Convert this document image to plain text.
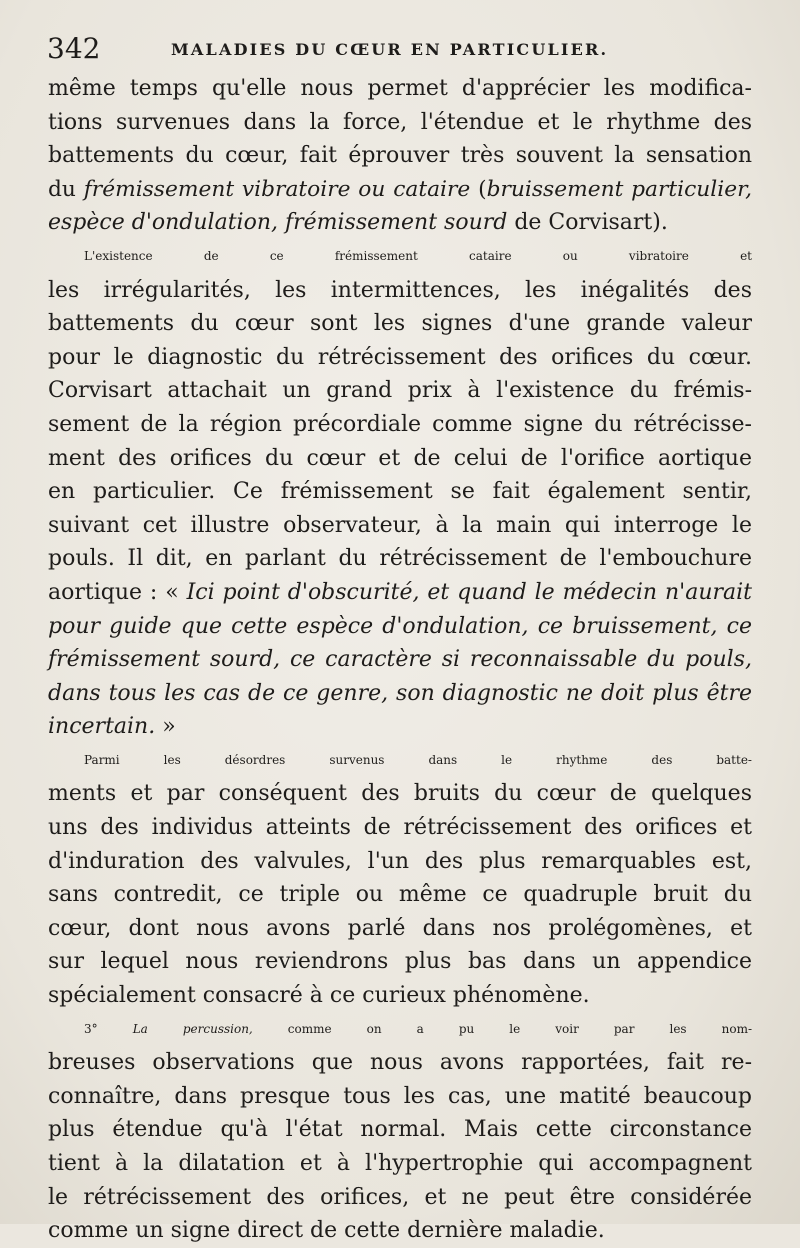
342	MALADIES DU CŒUR EN PARTICULIER.

même temps qu'elle nous permet d'apprécier les modifica-
tions survenues dans la force, l'étendue et le rhythme des
battements du cœur, fait éprouver très souvent la sensation
du frémissement vibratoire ou cataire (bruissement particulier,
espèce d'ondulation, frémissement sourd de Corvisart).

L'existence de ce frémissement cataire ou vibratoire et
les irrégularités, les intermittences, les inégalités des
battements du cœur sont les signes d'une grande valeur
pour le diagnostic du rétrécissement des orifices du cœur.
Corvisart attachait un grand prix à l'existence du frémis-
sement de la région précordiale comme signe du rétrécisse-
ment des orifices du cœur et de celui de l'orifice aortique
en particulier. Ce frémissement se fait également sentir,
suivant cet illustre observateur, à la main qui interroge le
pouls. Il dit, en parlant du rétrécissement de l'embouchure
aortique : « Ici point d'obscurité, et quand le médecin n'aurait
pour guide que cette espèce d'ondulation, ce bruissement, ce
frémissement sourd, ce caractère si reconnaissable du pouls,
dans tous les cas de ce genre, son diagnostic ne doit plus être
incertain. »

Parmi les désordres survenus dans le rhythme des batte-
ments et par conséquent des bruits du cœur de quelques
uns des individus atteints de rétrécissement des orifices et
d'induration des valvules, l'un des plus remarquables est,
sans contredit, ce triple ou même ce quadruple bruit du
cœur, dont nous avons parlé dans nos prolégomènes, et
sur lequel nous reviendrons plus bas dans un appendice
spécialement consacré à ce curieux phénomène.

3° La percussion, comme on a pu le voir par les nom-
breuses observations que nous avons rapportées, fait re-
connaître, dans presque tous les cas, une matité beaucoup
plus étendue qu'à l'état normal. Mais cette circonstance
tient à la dilatation et à l'hypertrophie qui accompagnent
le rétrécissement des orifices, et ne peut être considérée
comme un signe direct de cette dernière maladie.
